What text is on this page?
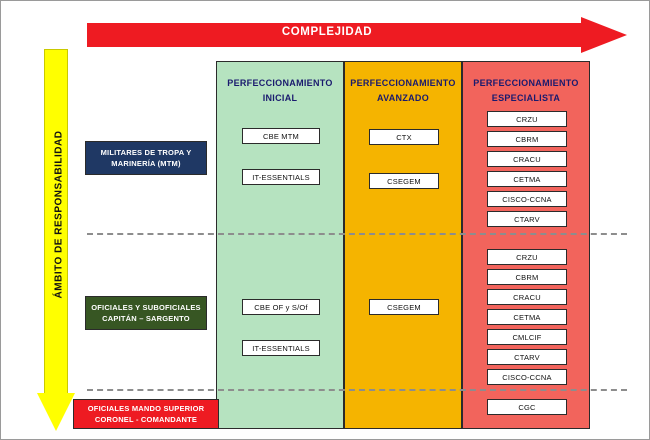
COMPLEJIDAD
ÁMBITO DE RESPONSABILIDAD
PERFECCIONAMIENTO
INICIAL
PERFECCIONAMIENTO
AVANZADO
PERFECCIONAMIENTO
ESPECIALISTA
MILITARES DE TROPA Y
MARINERÍA (MTM)
OFICIALES Y SUBOFICIALES
CAPITÁN – SARGENTO
OFICIALES MANDO SUPERIOR
CORONEL - COMANDANTE
CBE MTM
IT-ESSENTIALS
CTX
CSEGEM
CRZU
CBRM
CRACU
CETMA
CISCO-CCNA
CTARV
CBE OF y S/Of
IT-ESSENTIALS
CSEGEM
CRZU
CBRM
CRACU
CETMA
CMLCIF
CTARV
CISCO-CCNA
CGC
